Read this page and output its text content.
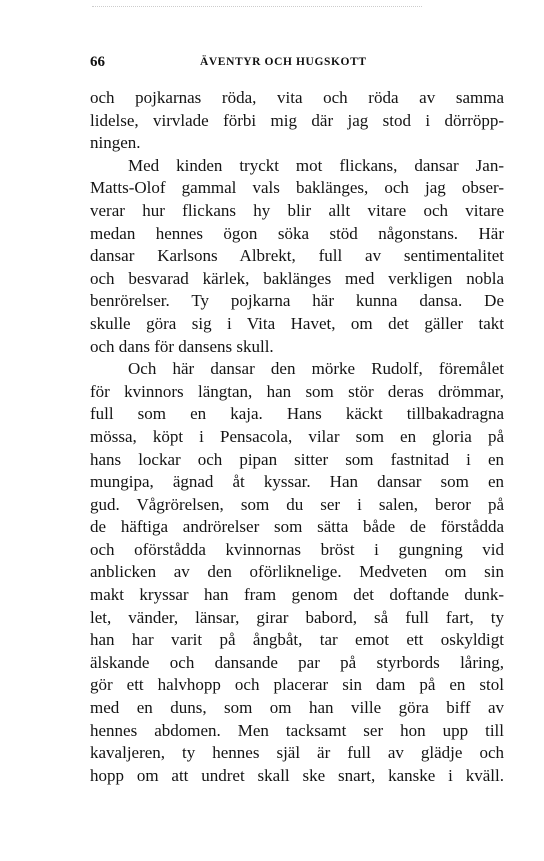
66	ÄVENTYR OCH HUGSKOTT

och pojkarnas röda, vita och röda av samma
lidelse, virvlade förbi mig där jag stod i dörröpp-
ningen.

Med kinden tryckt mot flickans, dansar Jan-
Matts-Olof gammal vals baklänges, och jag obser-
verar hur flickans hy blir allt vitare och vitare
medan hennes ögon söka stöd någonstans. Här
dansar Karlsons Albrekt, full av sentimentalitet
och besvarad kärlek, baklänges med verkligen nobla
benrörelser. Ty pojkarna här kunna dansa. De
skulle göra sig i Vita Havet, om det gäller takt
och dans för dansens skull.

Och här dansar den mörke Rudolf, föremålet
för kvinnors längtan, han som stör deras drömmar,
full som en kaja. Hans käckt tillbakadragna
mössa, köpt i Pensacola, vilar som en gloria på
hans lockar och pipan sitter som fastnitad i en
mungipa, ägnad åt kyssar. Han dansar som en
gud. Vågrörelsen, som du ser i salen, beror på
de häftiga andrörelser som sätta både de förstådda
och oförstådda kvinnornas bröst i gungning vid
anblicken av den oförliknelige. Medveten om sin
makt kryssar han fram genom det doftande dunk-
let, vänder, länsar, girar babord, så full fart, ty
han har varit på ångbåt, tar emot ett oskyldigt
älskande och dansande par på styrbords låring,
gör ett halvhopp och placerar sin dam på en stol
med en duns, som om han ville göra biff av
hennes abdomen. Men tacksamt ser hon upp till
kavaljeren, ty hennes själ är full av glädje och
hopp om att undret skall ske snart, kanske i kväll.
